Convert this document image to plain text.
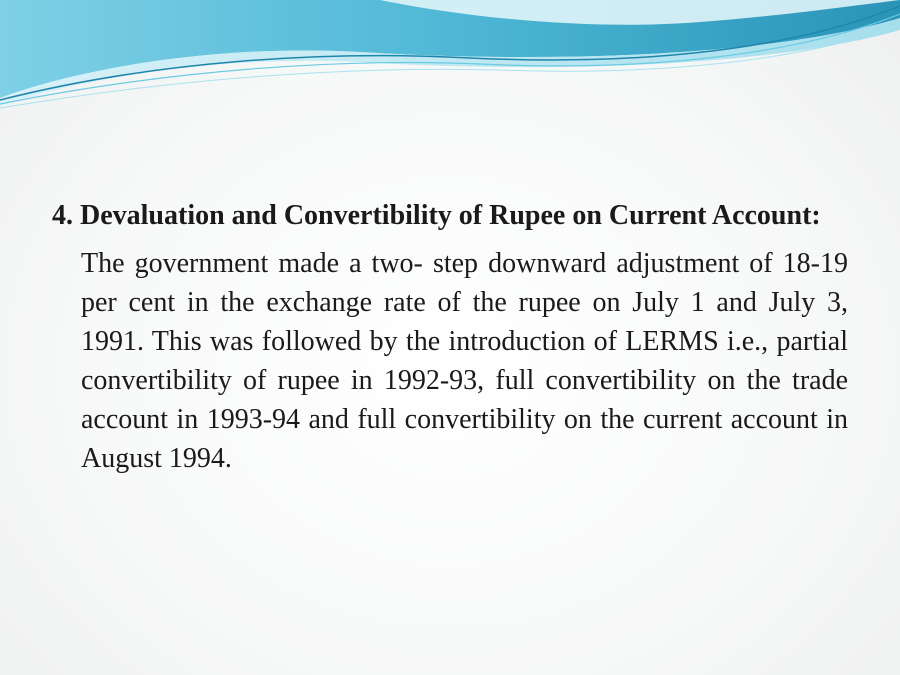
4. Devaluation and Convertibility of Rupee on Current Account:

The government made a two- step downward adjustment of 18-19 per cent in the exchange rate of the rupee on July 1 and July 3, 1991. This was followed by the introduction of LERMS i.e., partial convertibility of rupee in 1992-93, full convertibility on the trade account in 1993-94 and full convertibility on the current account in August 1994.
